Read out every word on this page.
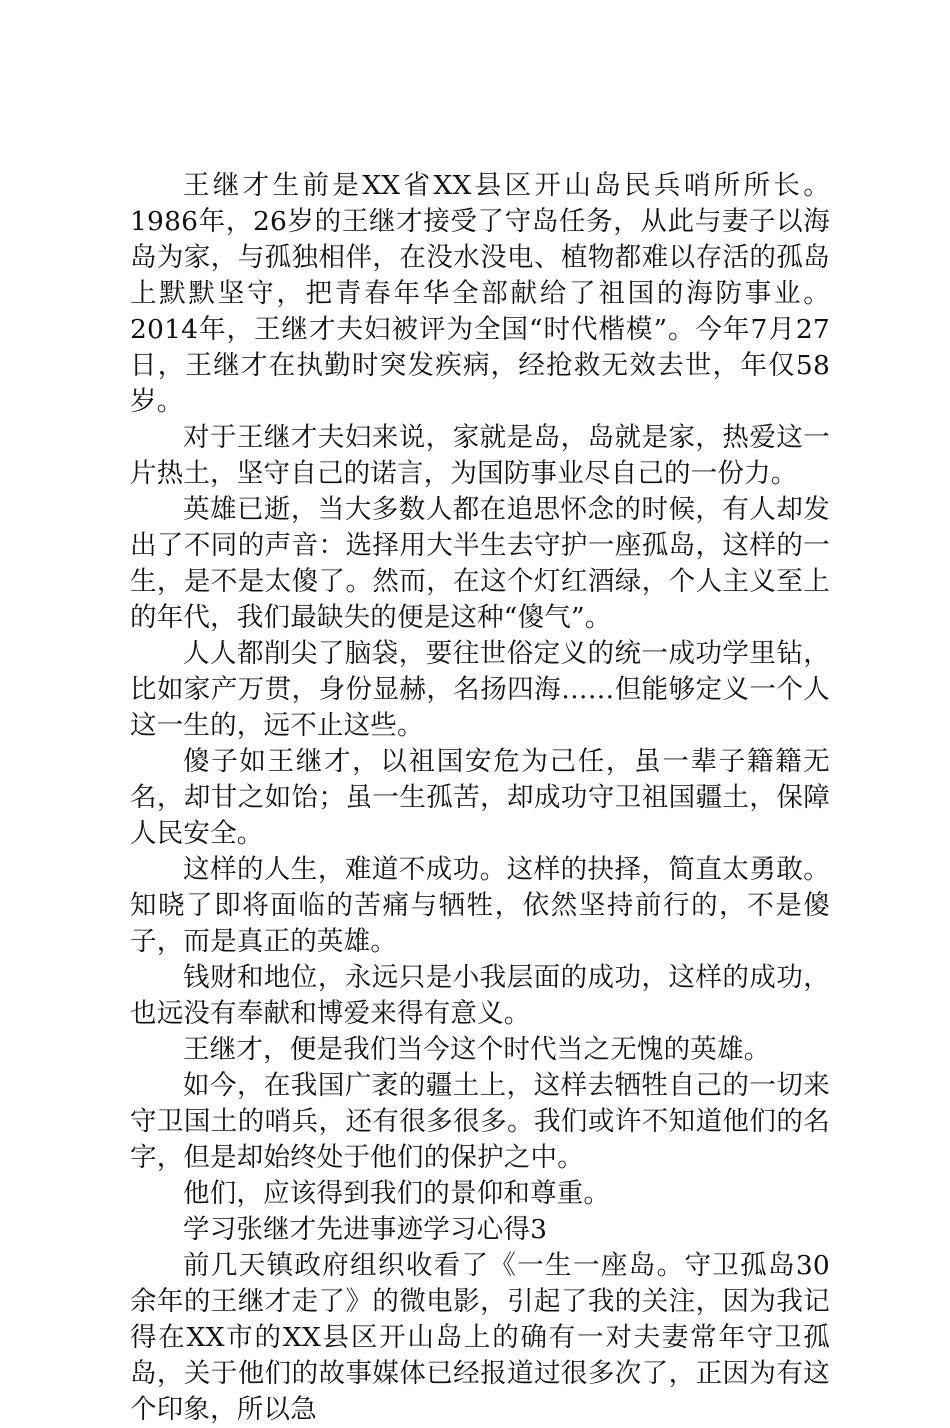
王继才生前是XX省XX县区开山岛民兵哨所所长。1986年，26岁的王继才接受了守岛任务，从此与妻子以海岛为家，与孤独相伴，在没水没电、植物都难以存活的孤岛上默默坚守，把青春年华全部献给了祖国的海防事业。2014年，王继才夫妇被评为全国“时代楷模”。今年7月27日，王继才在执勤时突发疾病，经抢救无效去世，年仅58岁。

对于王继才夫妇来说，家就是岛，岛就是家，热爱这一片热土，坚守自己的诺言，为国防事业尽自己的一份力。

英雄已逝，当大多数人都在追思怀念的时候，有人却发出了不同的声音：选择用大半生去守护一座孤岛，这样的一生，是不是太傻了。然而，在这个灯红酒绿，个人主义至上的年代，我们最缺失的便是这种“傻气”。

人人都削尖了脑袋，要往世俗定义的统一成功学里钻，比如家产万贯，身份显赫，名扬四海……但能够定义一个人这一生的，远不止这些。

傻子如王继才，以祖国安危为己任，虽一辈子籍籍无名，却甘之如饴；虽一生孤苦，却成功守卫祖国疆土，保障人民安全。

这样的人生，难道不成功。这样的抉择，简直太勇敢。知晓了即将面临的苦痛与牺牲，依然坚持前行的，不是傻子，而是真正的英雄。

钱财和地位，永远只是小我层面的成功，这样的成功，也远没有奉献和博爱来得有意义。

王继才，便是我们当今这个时代当之无愧的英雄。

如今，在我国广袤的疆土上，这样去牺牲自己的一切来守卫国土的哨兵，还有很多很多。我们或许不知道他们的名字，但是却始终处于他们的保护之中。

他们，应该得到我们的景仰和尊重。

学习张继才先进事迹学习心得3

前几天镇政府组织收看了《一生一座岛。守卫孤岛30余年的王继才走了》的微电影，引起了我的关注，因为我记得在XX市的XX县区开山岛上的确有一对夫妻常年守卫孤岛，关于他们的故事媒体已经报道过很多次了，正因为有这个印象，所以急
